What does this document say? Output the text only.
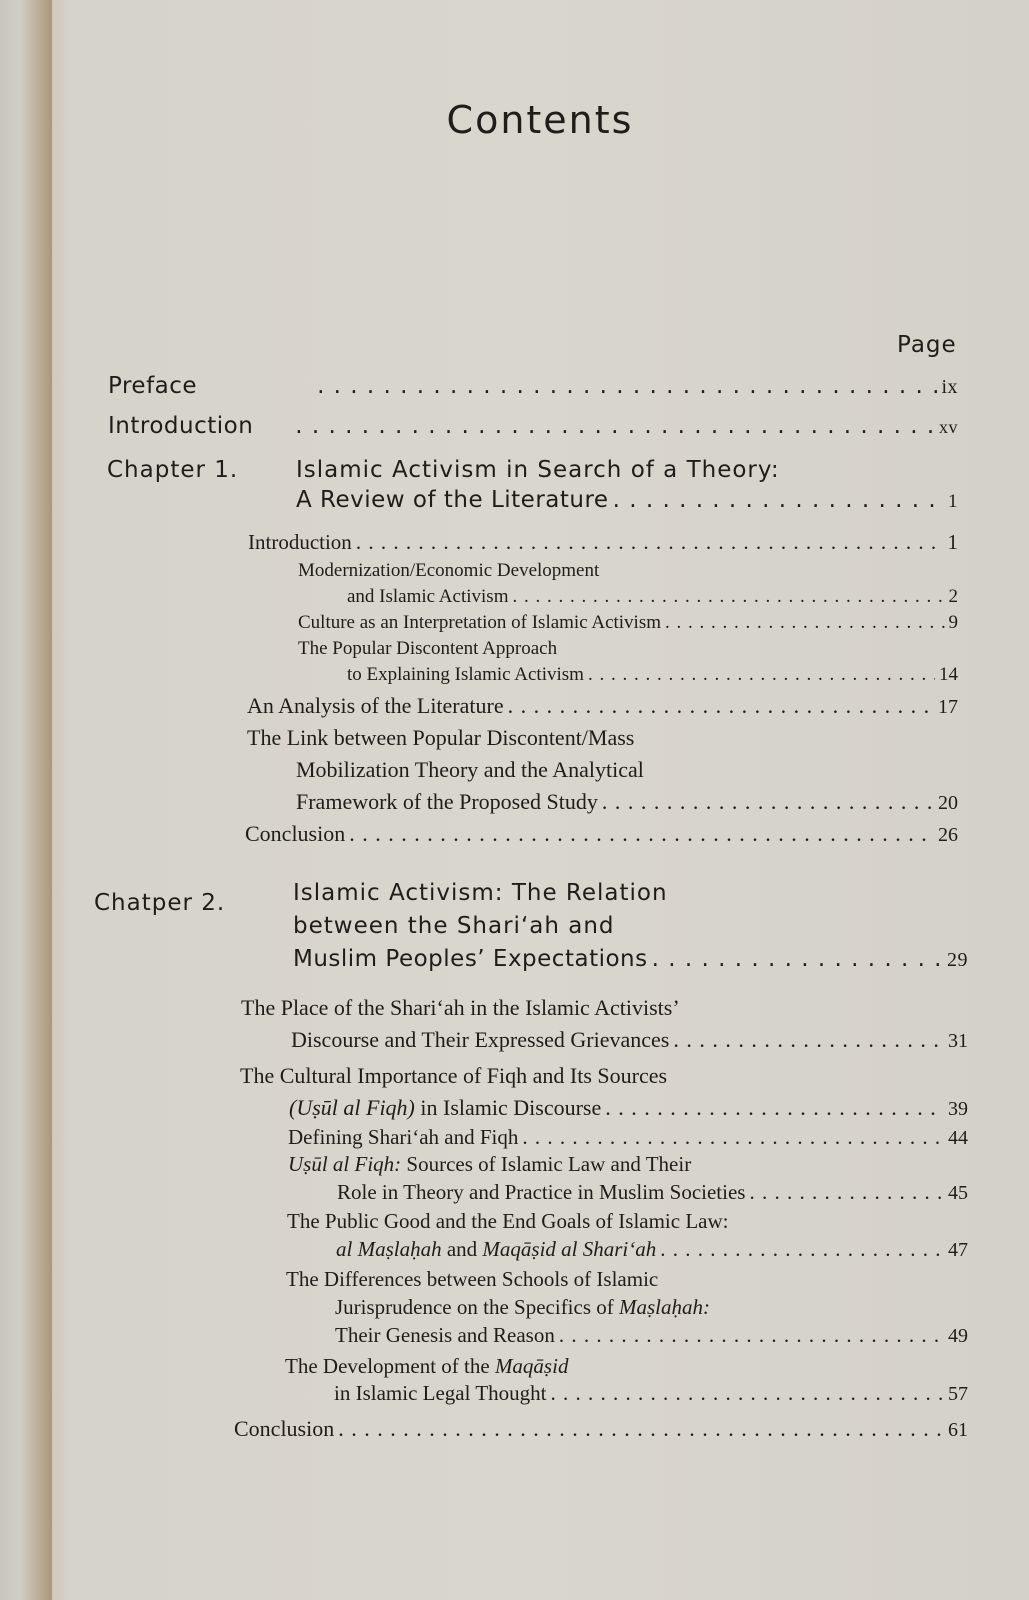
Contents
Page
Preface . . .	ix
Introduction . . .	xv
Chapter 1.	Islamic Activism in Search of a Theory:
A Review of the Literature . . .	1
Introduction . . .	1
Modernization/Economic Development
and Islamic Activism . . .	2
Culture as an Interpretation of Islamic Activism . . .	9
The Popular Discontent Approach
to Explaining Islamic Activism . . .	14
An Analysis of the Literature . . .	17
The Link between Popular Discontent/Mass
Mobilization Theory and the Analytical
Framework of the Proposed Study . . .	20
Conclusion . . .	26
Chatper 2.	Islamic Activism: The Relation
between the Shari‘ah and
Muslim Peoples’ Expectations . . .	29
The Place of the Shari‘ah in the Islamic Activists’
Discourse and Their Expressed Grievances . . .	31
The Cultural Importance of Fiqh and Its Sources
(Uṣūl al Fiqh) in Islamic Discourse . . .	39
Defining Shari‘ah and Fiqh . . .	44
Uṣūl al Fiqh: Sources of Islamic Law and Their
Role in Theory and Practice in Muslim Societies . . .	45
The Public Good and the End Goals of Islamic Law:
al Maṣlaḥah and Maqāṣid al Shari‘ah . . .	47
The Differences between Schools of Islamic
Jurisprudence on the Specifics of Maṣlaḥah:
Their Genesis and Reason . . .	49
The Development of the Maqāṣid
in Islamic Legal Thought . . .	57
Conclusion . . .	61
